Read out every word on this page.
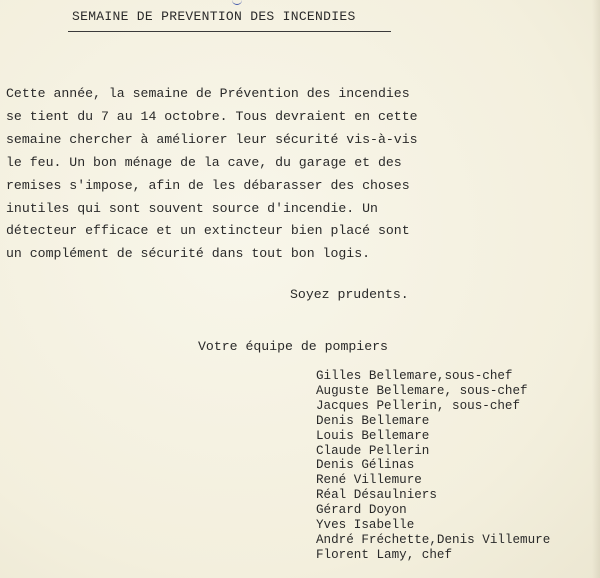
SEMAINE DE PREVENTION DES INCENDIES

Cette année, la semaine de Prévention des incendies
se tient du 7 au 14 octobre. Tous devraient en cette
semaine chercher à améliorer leur sécurité vis-à-vis
le feu. Un bon ménage de la cave, du garage et des
remises s'impose, afin de les débarasser des choses
inutiles qui sont souvent source d'incendie. Un
détecteur efficace et un extincteur bien placé sont
un complément de sécurité dans tout bon logis.

Soyez prudents.
Votre équipe de pompiers
Gilles Bellemare,sous-chef
Auguste Bellemare, sous-chef
Jacques Pellerin, sous-chef
Denis Bellemare
Louis Bellemare
Claude Pellerin
Denis Gélinas
René Villemure
Réal Désaulniers
Gérard Doyon
Yves Isabelle
André Fréchette,Denis Villemure
Florent Lamy, chef
